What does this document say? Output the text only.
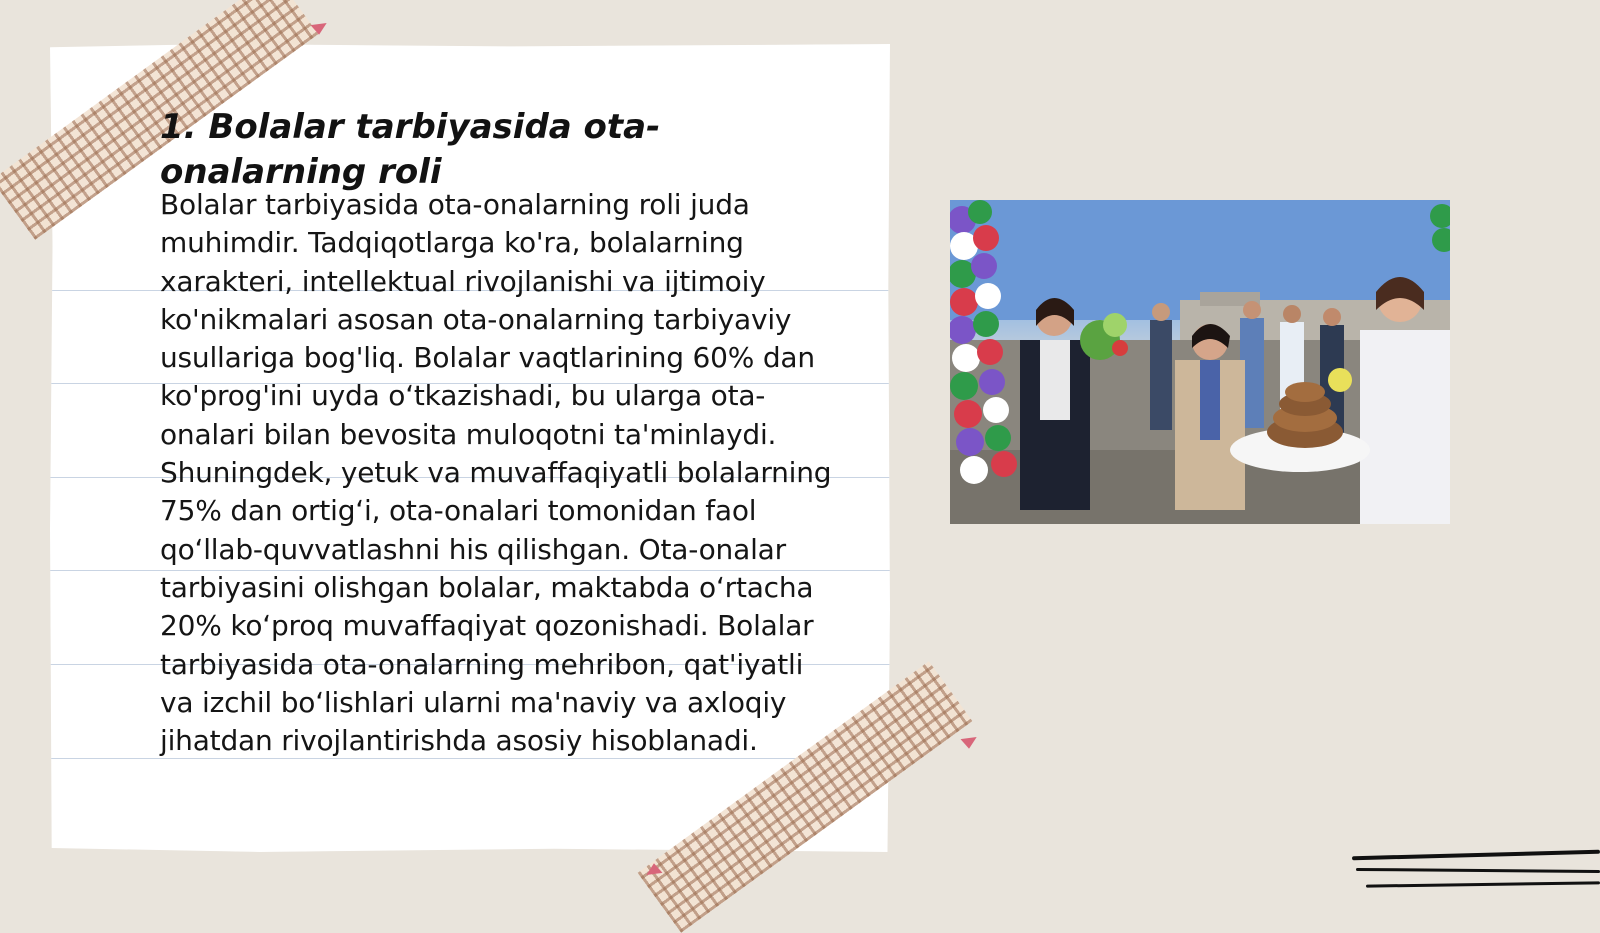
1. Bolalar tarbiyasida ota-onalarning roli

Bolalar tarbiyasida ota-onalarning roli juda muhimdir. Tadqiqotlarga ko'ra, bolalarning xarakteri, intellektual rivojlanishi va ijtimoiy ko'nikmalari asosan ota-onalarning tarbiyaviy usullariga bog'liq. Bolalar vaqtlarining 60% dan ko'prog'ini uyda oʻtkazishadi, bu ularga ota-onalari bilan bevosita muloqotni ta'minlaydi. Shuningdek, yetuk va muvaffaqiyatli bolalarning 75% dan ortigʻi, ota-onalari tomonidan faol qoʻllab-quvvatlashni his qilishgan. Ota-onalar tarbiyasini olishgan bolalar, maktabda oʻrtacha 20% koʻproq muvaffaqiyat qozonishadi. Bolalar tarbiyasida ota-onalarning mehribon, qat'iyatli va izchil boʻlishlari ularni ma'naviy va axloqiy jihatdan rivojlantirishda asosiy hisoblanadi.
